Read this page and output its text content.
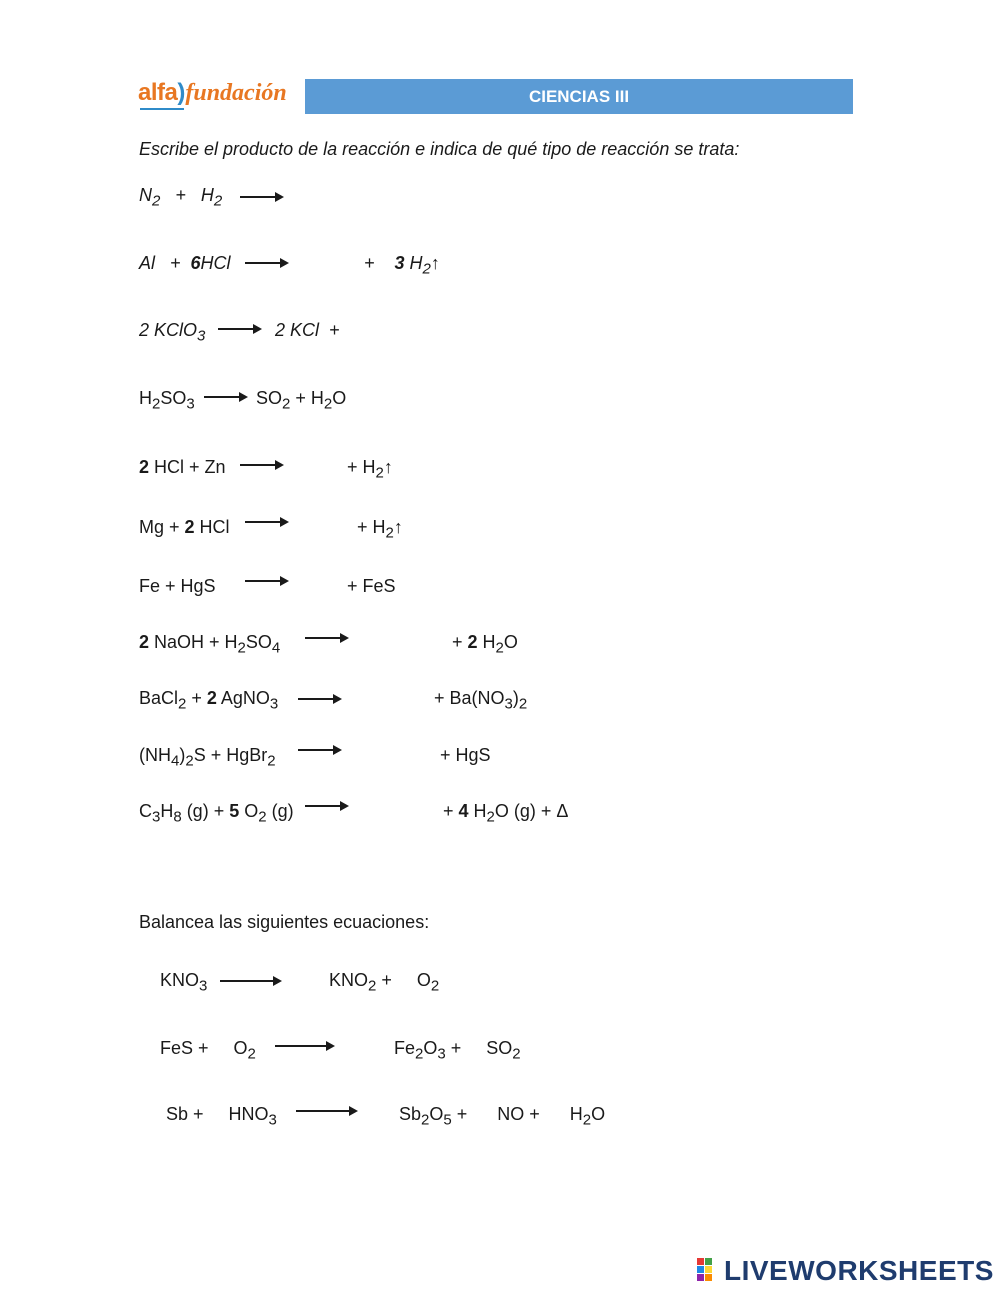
alfa)fundación	CIENCIAS III
Escribe el producto de la reacción e indica de qué tipo de reacción se trata:
$N_2 + H_2$ →
Al   +  6HCl →	+    3 $H_2↑$
2 KClO$_3$ → 2 KCl  +
$H_2SO_3 \to SO_2 + H_2O$
2 HCl + Zn →	+ $H_2↑$
Mg + 2 HCl →	+ $H_2↑$
Fe + HgS	+ FeS
2 NaOH + $H_2SO_4$	+ 2 $H_2O$
BaCl$_2$ + 2 AgNO$_3$ →	+ $Ba(NO_3)_2$
$(NH_4)_2S$ + HgBr$_2$	+ HgS
$C_3H_8$ (g) + 5 $O_2$ (g) →	+ 4 $H_2O$ (g) + Δ
Balancea las siguientes ecuaciones:
$KNO_3$ →	$KNO_2$ +     $O_2$
FeS +     $O_2$ →	$Fe_2O_3$ +     $SO_2$
Sb +     $HNO_3$	$Sb_2O_5$ +      NO +      $H_2O$
LIVEWORKSHEETS
